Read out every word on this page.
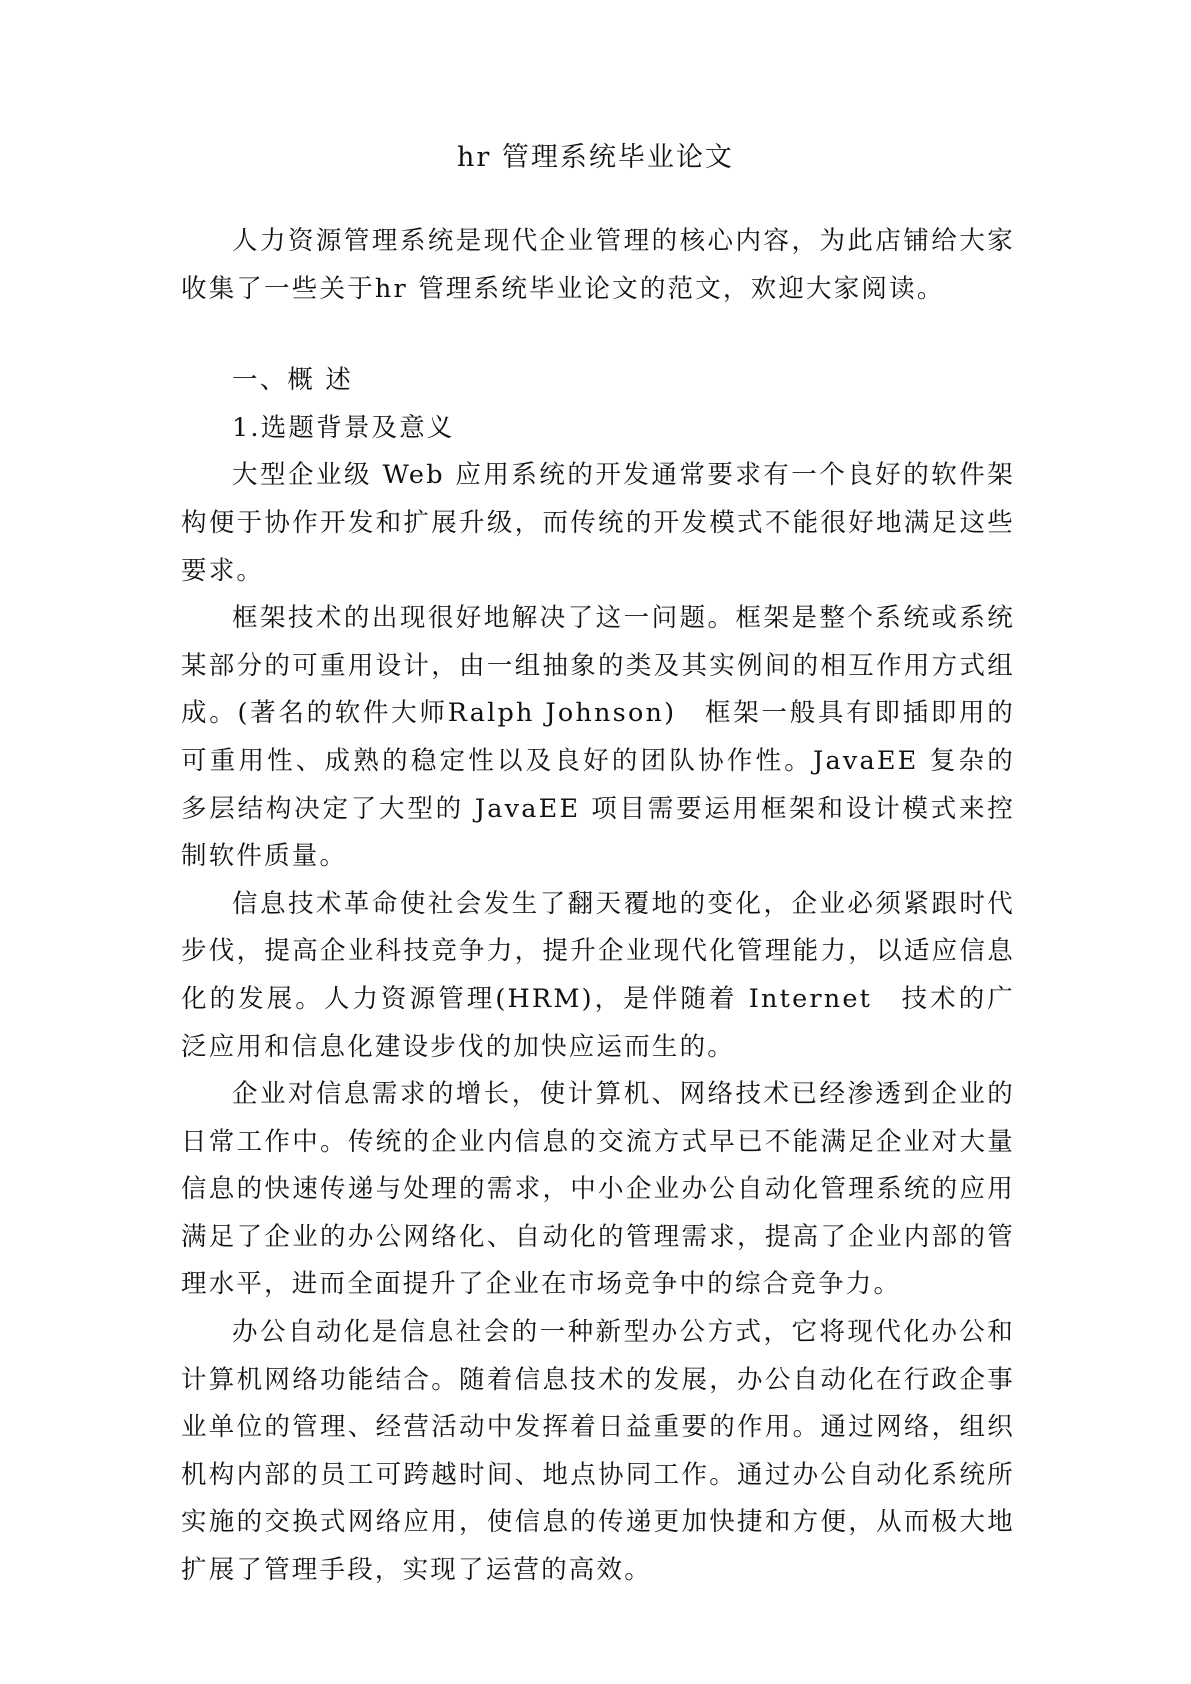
hr 管理系统毕业论文

人力资源管理系统是现代企业管理的核心内容，为此店铺给大家收集了一些关于hr 管理系统毕业论文的范文，欢迎大家阅读。

一、概 述
1.选题背景及意义

大型企业级 Web 应用系统的开发通常要求有一个良好的软件架构便于协作开发和扩展升级，而传统的开发模式不能很好地满足这些要求。

框架技术的出现很好地解决了这一问题。框架是整个系统或系统某部分的可重用设计，由一组抽象的类及其实例间的相互作用方式组成。(著名的软件大师Ralph Johnson)　框架一般具有即插即用的可重用性、成熟的稳定性以及良好的团队协作性。JavaEE 复杂的多层结构决定了大型的 JavaEE 项目需要运用框架和设计模式来控制软件质量。

信息技术革命使社会发生了翻天覆地的变化，企业必须紧跟时代步伐，提高企业科技竞争力，提升企业现代化管理能力，以适应信息化的发展。人力资源管理(HRM)，是伴随着 Internet　技术的广泛应用和信息化建设步伐的加快应运而生的。

企业对信息需求的增长，使计算机、网络技术已经渗透到企业的日常工作中。传统的企业内信息的交流方式早已不能满足企业对大量信息的快速传递与处理的需求，中小企业办公自动化管理系统的应用满足了企业的办公网络化、自动化的管理需求，提高了企业内部的管理水平，进而全面提升了企业在市场竞争中的综合竞争力。

办公自动化是信息社会的一种新型办公方式，它将现代化办公和计算机网络功能结合。随着信息技术的发展，办公自动化在行政企事业单位的管理、经营活动中发挥着日益重要的作用。通过网络，组织机构内部的员工可跨越时间、地点协同工作。通过办公自动化系统所实施的交换式网络应用，使信息的传递更加快捷和方便，从而极大地扩展了管理手段，实现了运营的高效。
